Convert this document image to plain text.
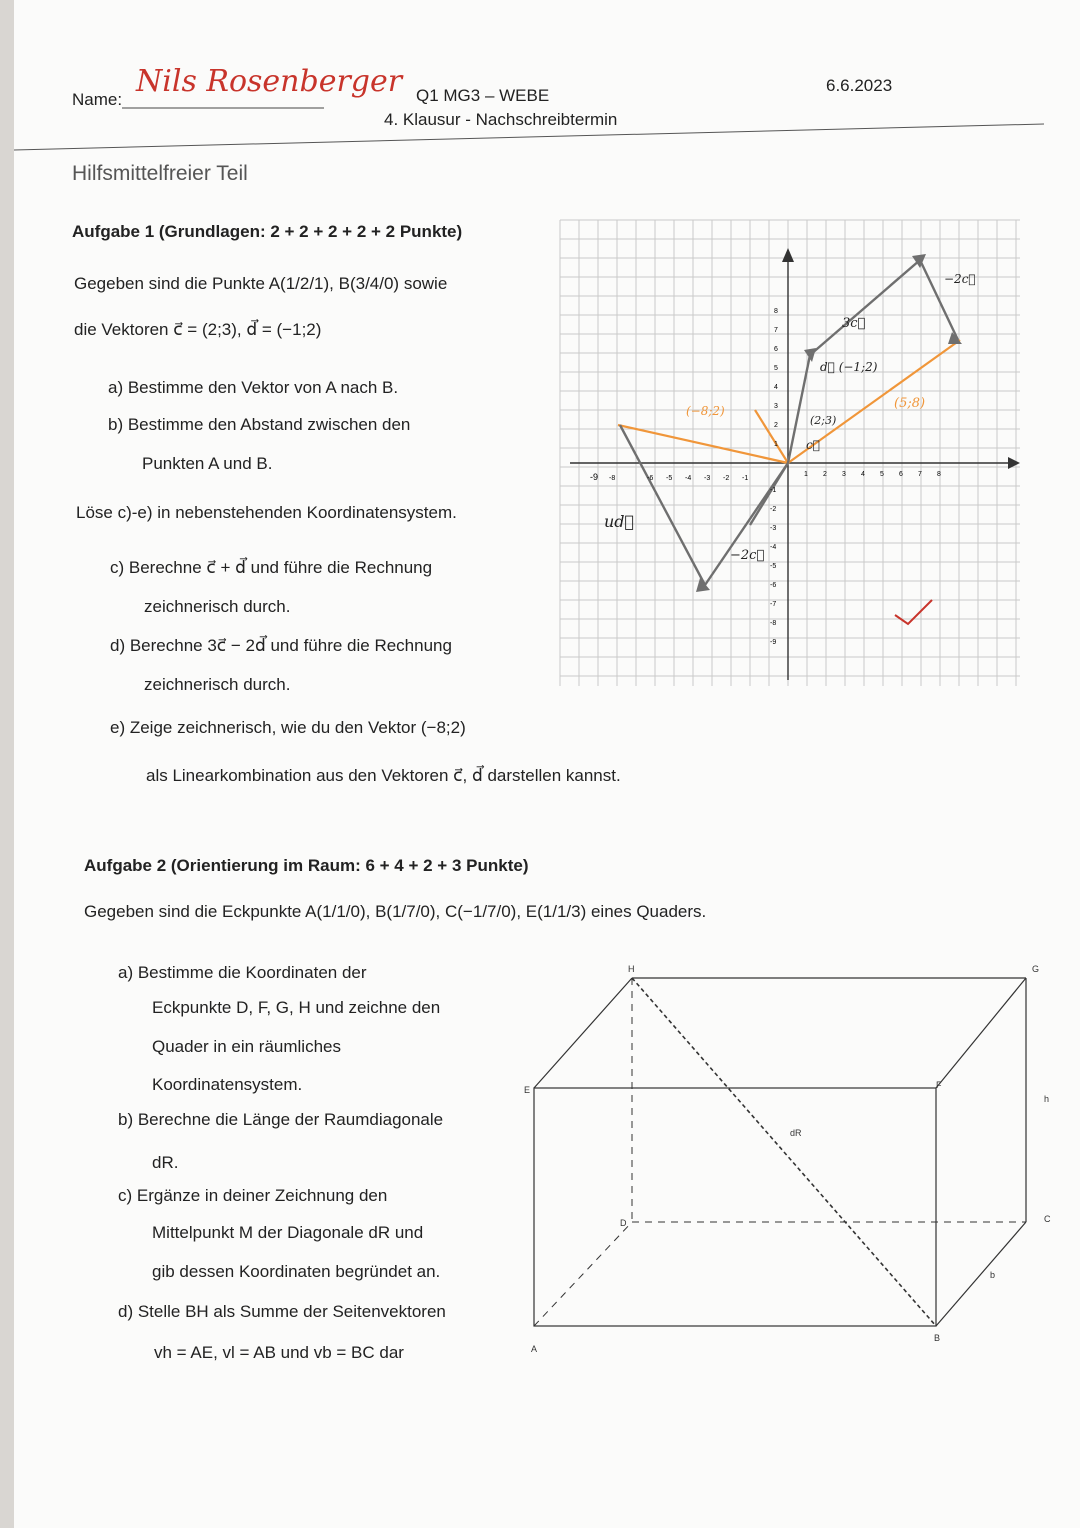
Name:
Nils Rosenberger Q1 MG3 – WEBE
4. Klausur - Nachschreibtermin
6.6.2023
Hilfsmittelfreier Teil
Aufgabe 1 (Grundlagen: 2 + 2 + 2 + 2 + 2 Punkte)
Gegeben sind die Punkte A(1/2/1), B(3/4/0) sowie
die Vektoren c⃗ = (2;3), d⃗ = (−1;2)
a) Bestimme den Vektor von A nach B.
b) Bestimme den Abstand zwischen den
Punkten A und B.
Löse c)-e) in nebenstehenden Koordinatensystem.
c) Berechne c⃗ + d⃗ und führe die Rechnung
zeichnerisch durch.
d) Berechne 3c⃗ − 2d⃗ und führe die Rechnung
zeichnerisch durch.
e) Zeige zeichnerisch, wie du den Vektor (−8;2)
als Linearkombination aus den Vektoren c⃗, d⃗ darstellen kannst.
-9 -8	-6 -5 -4 -3 -2 -1
1 2 3 4 5 6 7 8
1
2
3
4
5
6
7
8
-1
-2
-3
-4
-5
-6
-7
-8
-9
ud⃗
−2c⃗
−2c⃗
3c⃗
c⃗
d⃗ (−1;2)
(2;3)
(−8;2)	(5;8)
Aufgabe 2 (Orientierung im Raum: 6 + 4 + 2 + 3 Punkte)
Gegeben sind die Eckpunkte A(1/1/0), B(1/7/0), C(−1/7/0), E(1/1/3) eines Quaders.
a) Bestimme die Koordinaten der
Eckpunkte D, F, G, H und zeichne den
Quader in ein räumliches
Koordinatensystem.
b) Berechne die Länge der Raumdiagonale
dR.
c) Ergänze in deiner Zeichnung den
Mittelpunkt M der Diagonale dR und
gib dessen Koordinaten begründet an.
d) Stelle BH als Summe der Seitenvektoren
vh = AE, vl = AB und vb = BC dar	A
B
C
D
E	F
G
H
h
b
dR
